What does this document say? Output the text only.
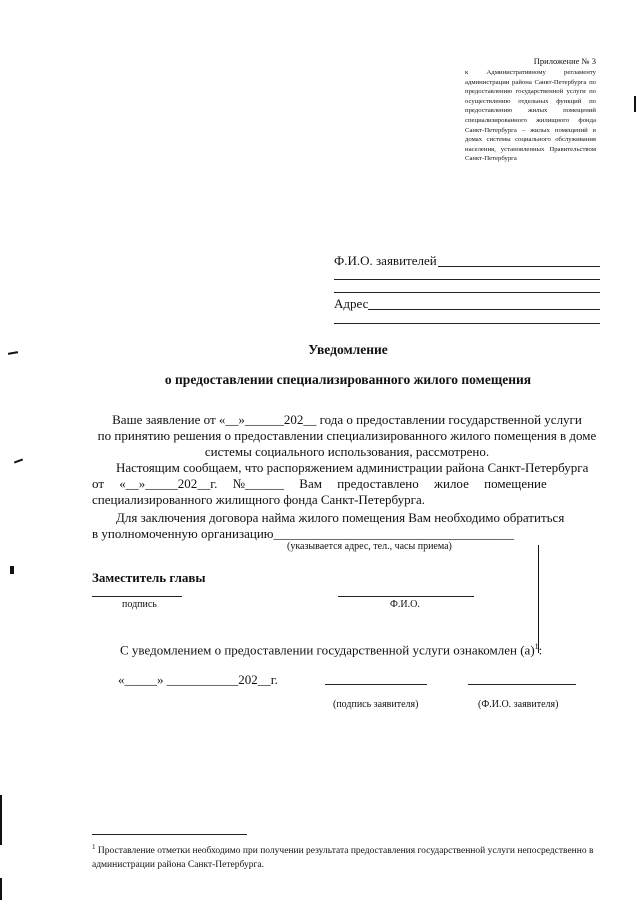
Приложение № 3
к Административному регламенту администрации района Санкт-Петербурга по предоставлению государственной услуги по осуществлению отдельных функций по предоставлению жилых помещений специализированного жилищного фонда Санкт-Петербурга – жилых помещений в домах системы социального обслуживания населения, установленных Правительством Санкт-Петербурга
Ф.И.О. заявителей
Адрес
Уведомление
о предоставлении специализированного жилого помещения
Ваше заявление от «__»______202__ года о предоставлении государственной услуги
по принятию решения о предоставлении специализированного жилого помещения в доме
системы социального использования, рассмотрено.
Настоящим сообщаем, что распоряжением администрации района Санкт-Петербурга
от «__»_____202__г. №______ Вам предоставлено жилое помещение
специализированного жилищного фонда Санкт-Петербурга.
Для заключения договора найма жилого помещения Вам необходимо обратиться
в уполномоченную организацию_____________________________________
(указывается адрес, тел., часы приема)
Заместитель главы
подпись	Ф.И.О.
С уведомлением о предоставлении государственной услуги ознакомлен $(а)^1$:
«_____» ___________202__г.
(подпись заявителя)	(Ф.И.О. заявителя)
$^1$ Проставление отметки необходимо при получении результата предоставления государственной услуги непосредственно в администрации района Санкт-Петербурга.
